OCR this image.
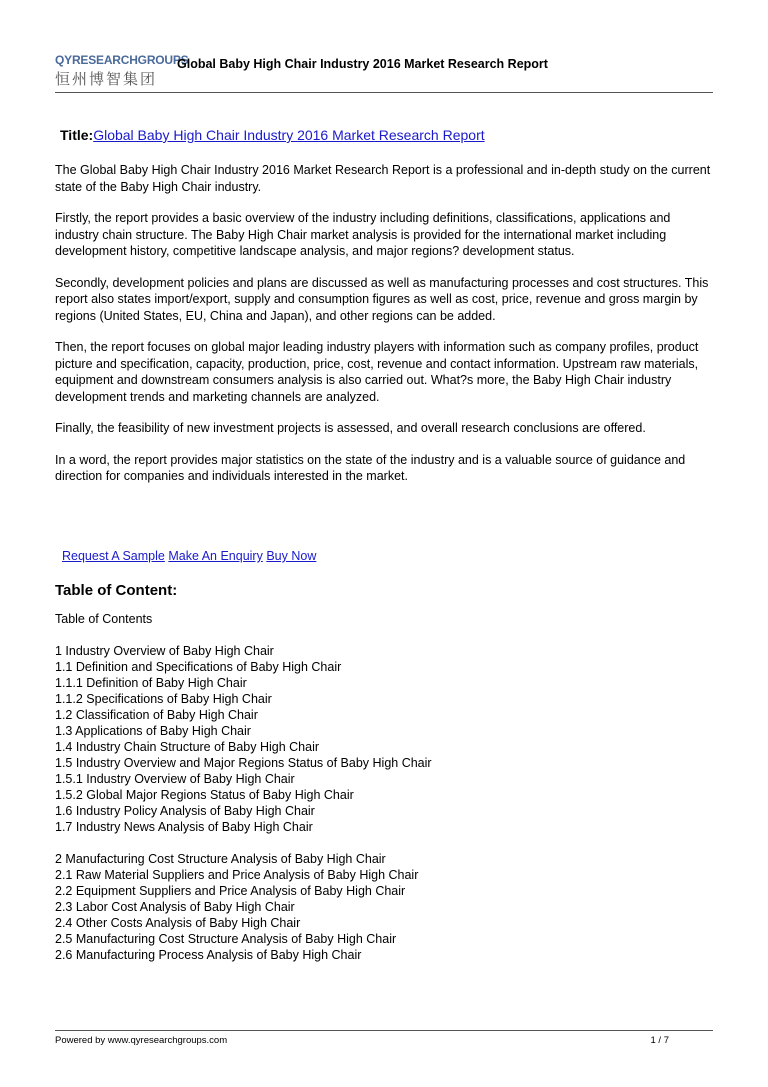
QYRESEARCHGROUPS
恒州博智集团
Global Baby High Chair Industry 2016 Market Research Report
Title:Global Baby High Chair Industry 2016 Market Research Report

The Global Baby High Chair Industry 2016 Market Research Report is a professional and in-depth study on the current state of the Baby High Chair industry.

Firstly, the report provides a basic overview of the industry including definitions, classifications, applications and industry chain structure. The Baby High Chair market analysis is provided for the international market including development history, competitive landscape analysis, and major regions? development status.

Secondly, development policies and plans are discussed as well as manufacturing processes and cost structures. This report also states import/export, supply and consumption figures as well as cost, price, revenue and gross margin by regions (United States, EU, China and Japan), and other regions can be added.

Then, the report focuses on global major leading industry players with information such as company profiles, product picture and specification, capacity, production, price, cost, revenue and contact information. Upstream raw materials, equipment and downstream consumers analysis is also carried out. What?s more, the Baby High Chair industry development trends and marketing channels are analyzed.

Finally, the feasibility of new investment projects is assessed, and overall research conclusions are offered.

In a word, the report provides major statistics on the state of the industry and is a valuable source of guidance and direction for companies and individuals interested in the market.

Request A Sample Make An Enquiry Buy Now
Table of Content:
Table of Contents
1 Industry Overview of Baby High Chair
1.1 Definition and Specifications of Baby High Chair
1.1.1 Definition of Baby High Chair
1.1.2 Specifications of Baby High Chair
1.2 Classification of Baby High Chair
1.3 Applications of Baby High Chair
1.4 Industry Chain Structure of Baby High Chair
1.5 Industry Overview and Major Regions Status of Baby High Chair
1.5.1 Industry Overview of Baby High Chair
1.5.2 Global Major Regions Status of Baby High Chair
1.6 Industry Policy Analysis of Baby High Chair
1.7 Industry News Analysis of Baby High Chair
2 Manufacturing Cost Structure Analysis of Baby High Chair
2.1 Raw Material Suppliers and Price Analysis of Baby High Chair
2.2 Equipment Suppliers and Price Analysis of Baby High Chair
2.3 Labor Cost Analysis of Baby High Chair
2.4 Other Costs Analysis of Baby High Chair
2.5 Manufacturing Cost Structure Analysis of Baby High Chair
2.6 Manufacturing Process Analysis of Baby High Chair
Powered by www.qyresearchgroups.com	1 / 7
